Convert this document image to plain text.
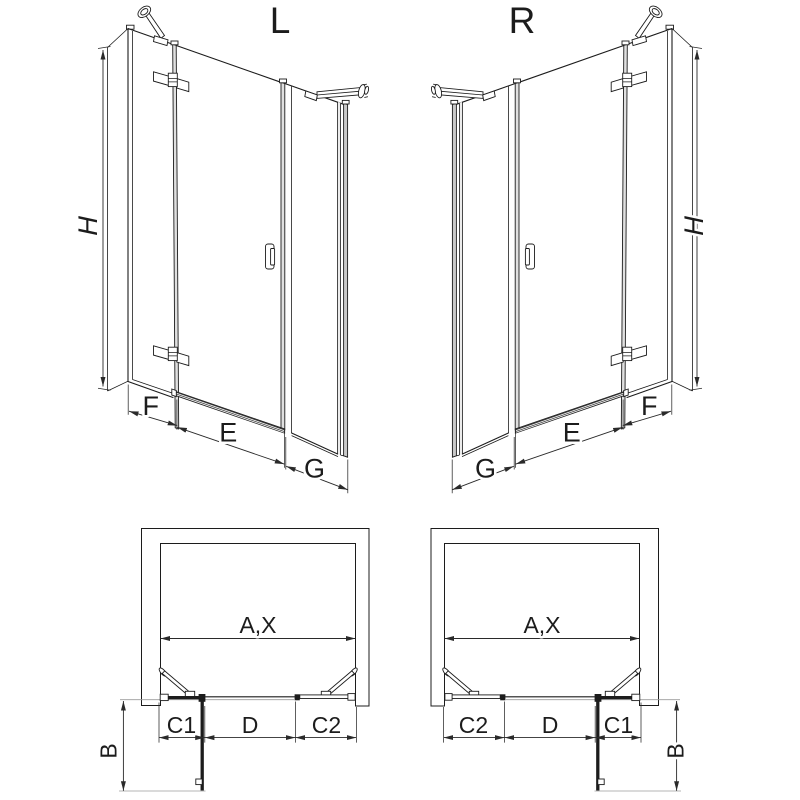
L
H
F
E
G
A,X
C1 D C2
B
R
H
F
E
G
A,X
C2 D C1
B
